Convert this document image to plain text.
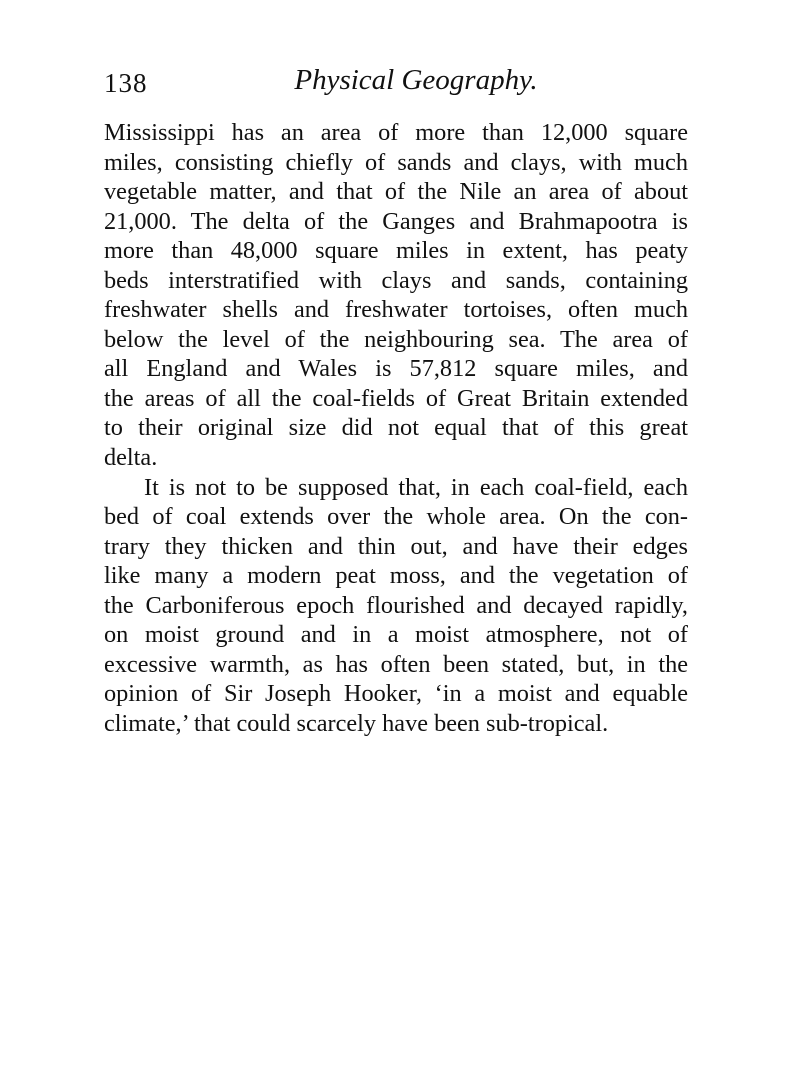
138	Physical Geography.
Mississippi has an area of more than 12,000 square
miles, consisting chiefly of sands and clays, with much
vegetable matter, and that of the Nile an area of about
21,000. The delta of the Ganges and Brahmapootra is
more than 48,000 square miles in extent, has peaty
beds interstratified with clays and sands, containing
freshwater shells and freshwater tortoises, often much
below the level of the neighbouring sea. The area of
all England and Wales is 57,812 square miles, and
the areas of all the coal-fields of Great Britain extended
to their original size did not equal that of this great
delta.
It is not to be supposed that, in each coal-field, each
bed of coal extends over the whole area. On the con-
trary they thicken and thin out, and have their edges
like many a modern peat moss, and the vegetation of
the Carboniferous epoch flourished and decayed rapidly,
on moist ground and in a moist atmosphere, not of
excessive warmth, as has often been stated, but, in the
opinion of Sir Joseph Hooker, ‘in a moist and equable
climate,’ that could scarcely have been sub-tropical.
